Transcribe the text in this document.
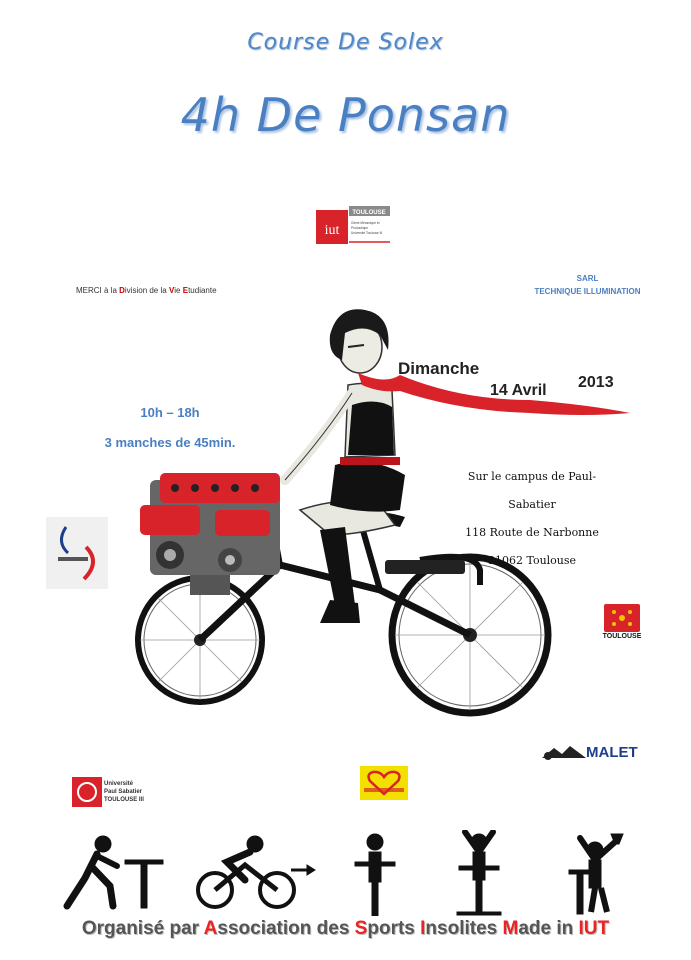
Course De Solex
4h De Ponsan
iut
TOULOUSE
Génie Mécanique et
Productique
Université Toulouse III
MERCI à la Division de la Vie Etudiante
SARL
TECHNIQUE ILLUMINATION
10h – 18h
3 manches de 45min.
Dimanche
14 Avril 2013
Sur le campus de Paul-Sabatier
118 Route de Narbonne
31062 Toulouse
TOULOUSE
MALET
Université
Paul Sabatier
TOULOUSE III
Organisé par Association des Sports Insolites Made in IUT
